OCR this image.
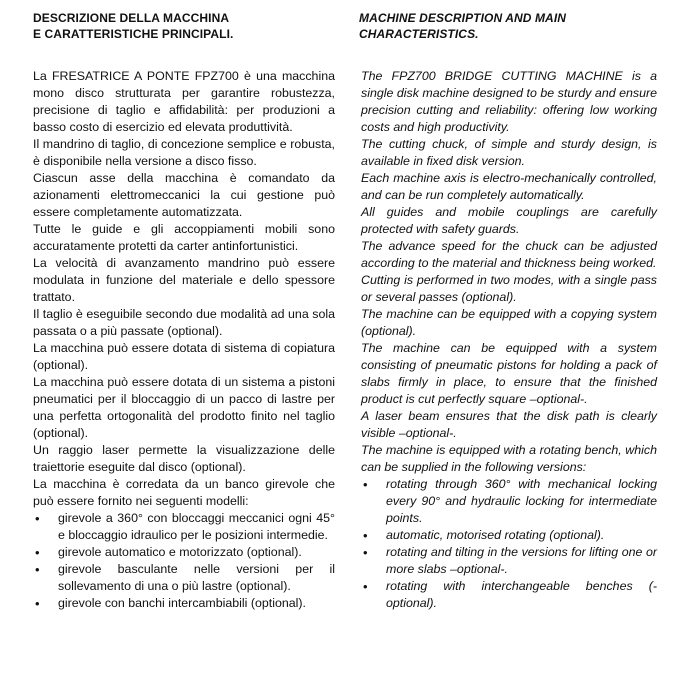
DESCRIZIONE DELLA MACCHINA
E CARATTERISTICHE PRINCIPALI.

La FRESATRICE A PONTE FPZ700 è una macchina mono disco strutturata per garantire robustezza, precisione di taglio e affidabilità: per produzioni a basso costo di esercizio ed elevata produttività.

Il mandrino di taglio, di concezione semplice e robusta, è disponibile nella versione a disco fisso.

Ciascun asse della macchina è comandato da azionamenti elettromeccanici la cui gestione può essere completamente automatizzata.

Tutte le guide e gli accoppiamenti mobili sono accuratamente protetti da carter antinfortunistici.

La velocità di avanzamento mandrino può essere modulata in funzione del materiale e dello spessore trattato.

Il taglio è eseguibile secondo due modalità ad una sola passata o a più passate (optional).

La macchina può essere dotata di sistema di copiatura (optional).

La macchina può essere dotata di un sistema a pistoni pneumatici per il bloccaggio di un pacco di lastre per una perfetta ortogonalità del prodotto finito nel taglio (optional).

Un raggio laser permette la visualizzazione delle traiettorie eseguite dal disco (optional).

La macchina è corredata da un banco girevole che può essere fornito nei seguenti modelli:

• girevole a 360° con bloccaggi meccanici ogni 45° e bloccaggio idraulico per le posizioni intermedie.
• girevole automatico e motorizzato (optional).
• girevole basculante nelle versioni per il sollevamento di una o più lastre (optional).
• girevole con banchi intercambiabili (optional).
MACHINE DESCRIPTION AND MAIN
CHARACTERISTICS.

The FPZ700 BRIDGE CUTTING MACHINE is a single disk machine designed to be sturdy and ensure precision cutting and reliability: offering low working costs and high productivity.

The cutting chuck, of simple and sturdy design, is available in fixed disk version.

Each machine axis is electro-mechanically controlled, and can be run completely automatically.

All guides and mobile couplings are carefully protected with safety guards.

The advance speed for the chuck can be adjusted according to the material and thickness being worked.

Cutting is performed in two modes, with a single pass or several passes (optional).

The machine can be equipped with a copying system (optional).

The machine can be equipped with a system consisting of pneumatic pistons for holding a pack of slabs firmly in place, to ensure that the finished product is cut perfectly square –optional-.

A laser beam ensures that the disk path is clearly visible –optional-.

The machine is equipped with a rotating bench, which can be supplied in the following versions:

• rotating through 360° with mechanical locking every 90° and hydraulic locking for intermediate points.
• automatic, motorised rotating (optional).
• rotating and tilting in the versions for lifting one or more slabs –optional-.
• rotating with interchangeable benches (-optional).
